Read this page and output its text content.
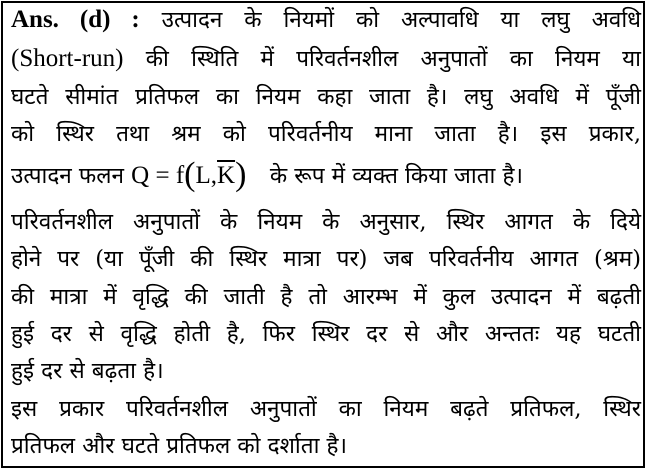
Ans. (d) : उत्पादन के नियमों को अल्पावधि या लघु अवधि
(Short-run) की स्थिति में परिवर्तनशील अनुपातों का नियम या
घटते सीमांत प्रतिफल का नियम कहा जाता है। लघु अवधि में पूँजी
को स्थिर तथा श्रम को परिवर्तनीय माना जाता है। इस प्रकार,
उत्पादन फलन $Q = f(L,\overline{K})$ के रूप में व्यक्त किया जाता है।
परिवर्तनशील अनुपातों के नियम के अनुसार, स्थिर आगत के दिये
होने पर (या पूँजी की स्थिर मात्रा पर) जब परिवर्तनीय आगत (श्रम)
की मात्रा में वृद्धि की जाती है तो आरम्भ में कुल उत्पादन में बढ़ती
हुई दर से वृद्धि होती है, फिर स्थिर दर से और अन्ततः यह घटती
हुई दर से बढ़ता है।
इस प्रकार परिवर्तनशील अनुपातों का नियम बढ़ते प्रतिफल, स्थिर
प्रतिफल और घटते प्रतिफल को दर्शाता है।
